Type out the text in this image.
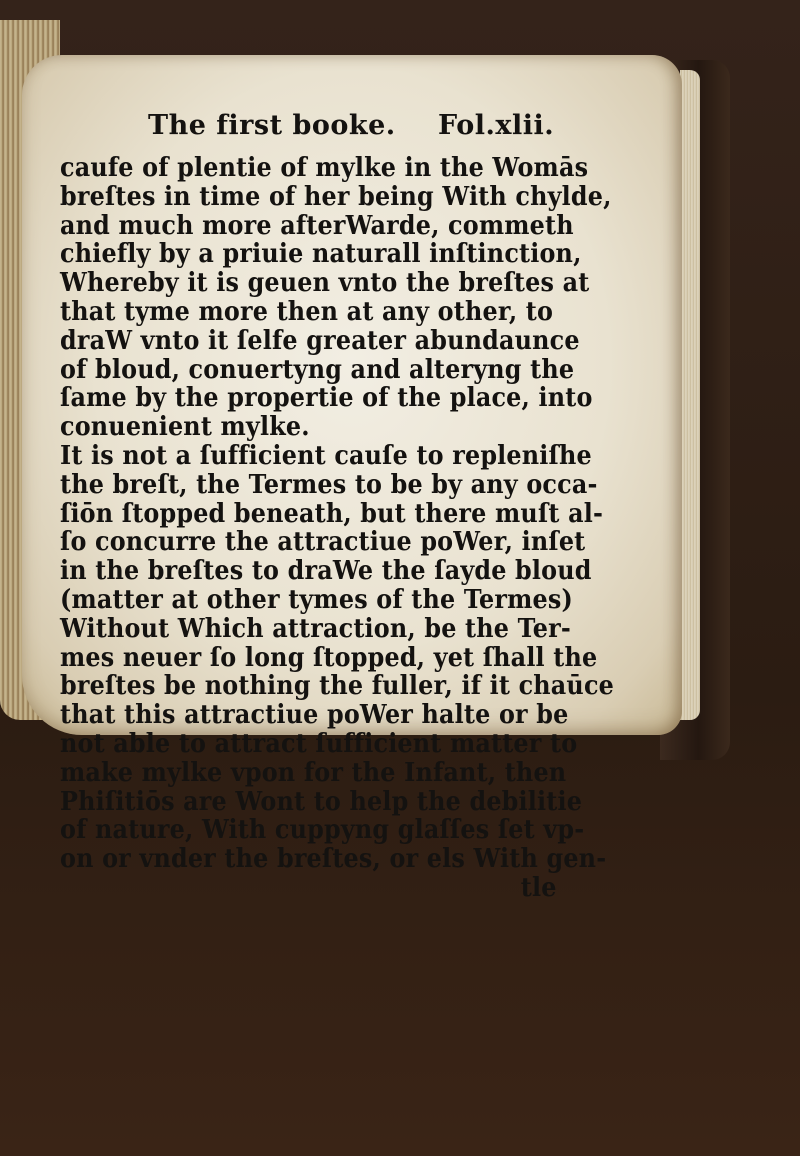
The first booke. Fol.xlii.
caufe of plentie of mylke in the Womās
breſtes in time of her being With chylde,
and much more afterWarde, commeth
chiefly by a priuie naturall inſtinction,
Whereby it is geuen vnto the breſtes at
that tyme more then at any other, to
draW vnto it ſelfe greater abundaunce
of bloud, conuertyng and alteryng the
ſame by the propertie of the place, into
conuenient mylke.
It is not a ſufficient cauſe to repleniſhe
the breſt, the Termes to be by any occa-
ſiōn ſtopped beneath, but there muſt al-
ſo concurre the attractiue poWer, inſet
in the breſtes to draWe the ſayde bloud
(matter at other tymes of the Termes)
Without Which attraction, be the Ter-
mes neuer ſo long ſtopped, yet ſhall the
breſtes be nothing the fuller, if it chaūce
that this attractiue poWer halte or be
not able to attract ſufficient matter to
make mylke vpon for the Infant, then
Phiſitiōs are Wont to help the debilitie
of nature, With cuppyng glaſſes ſet vp-
on or vnder the breſtes, or els With gen-
tle
